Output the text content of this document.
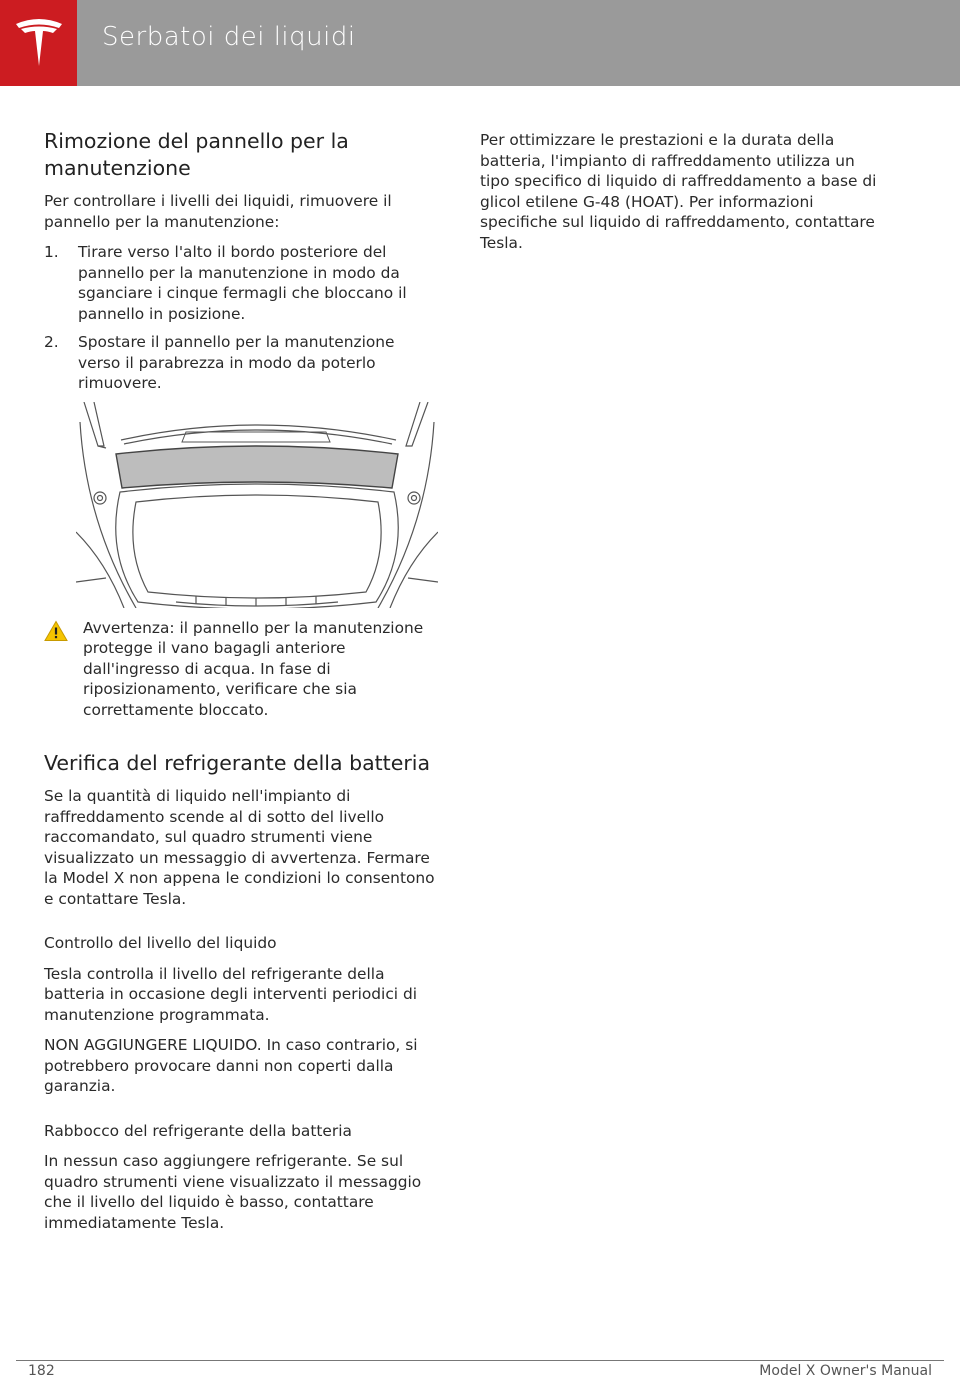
Serbatoi dei liquidi
Rimozione del pannello per la manutenzione

Per controllare i livelli dei liquidi, rimuovere il pannello per la manutenzione:

1. Tirare verso l'alto il bordo posteriore del pannello per la manutenzione in modo da sganciare i cinque fermagli che bloccano il pannello in posizione.
2. Spostare il pannello per la manutenzione verso il parabrezza in modo da poterlo rimuovere.
Avvertenza: il pannello per la manutenzione protegge il vano bagagli anteriore dall'ingresso di acqua. In fase di riposizionamento, verificare che sia correttamente bloccato.
Verifica del refrigerante della batteria

Se la quantità di liquido nell'impianto di raffreddamento scende al di sotto del livello raccomandato, sul quadro strumenti viene visualizzato un messaggio di avvertenza. Fermare la Model X non appena le condizioni lo consentono e contattare Tesla.

Controllo del livello del liquido

Tesla controlla il livello del refrigerante della batteria in occasione degli interventi periodici di manutenzione programmata.

NON AGGIUNGERE LIQUIDO. In caso contrario, si potrebbero provocare danni non coperti dalla garanzia.

Rabbocco del refrigerante della batteria

In nessun caso aggiungere refrigerante. Se sul quadro strumenti viene visualizzato il messaggio che il livello del liquido è basso, contattare immediatamente Tesla.

Per ottimizzare le prestazioni e la durata della batteria, l'impianto di raffreddamento utilizza un tipo specifico di liquido di raffreddamento a base di glicol etilene G-48 (HOAT). Per informazioni specifiche sul liquido di raffreddamento, contattare Tesla.

182	Model X Owner's Manual
